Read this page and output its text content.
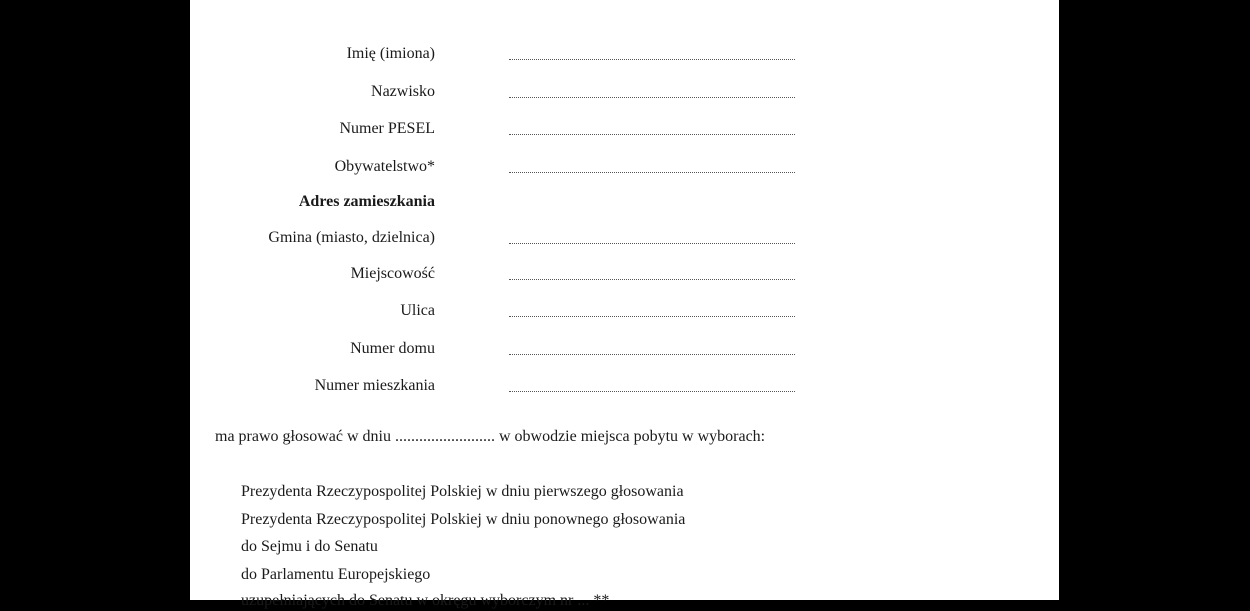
Imię (imiona)
Nazwisko
Numer PESEL
Obywatelstwo*
Adres zamieszkania
Gmina (miasto, dzielnica)
Miejscowość
Ulica
Numer domu
Numer mieszkania
ma prawo głosować w dniu ......................... w obwodzie miejsca pobytu w wyborach:
Prezydenta Rzeczypospolitej Polskiej w dniu pierwszego głosowania
Prezydenta Rzeczypospolitej Polskiej w dniu ponownego głosowania
do Sejmu i do Senatu
do Parlamentu Europejskiego
uzupełniających do Senatu w okręgu wyborczym nr ... **
